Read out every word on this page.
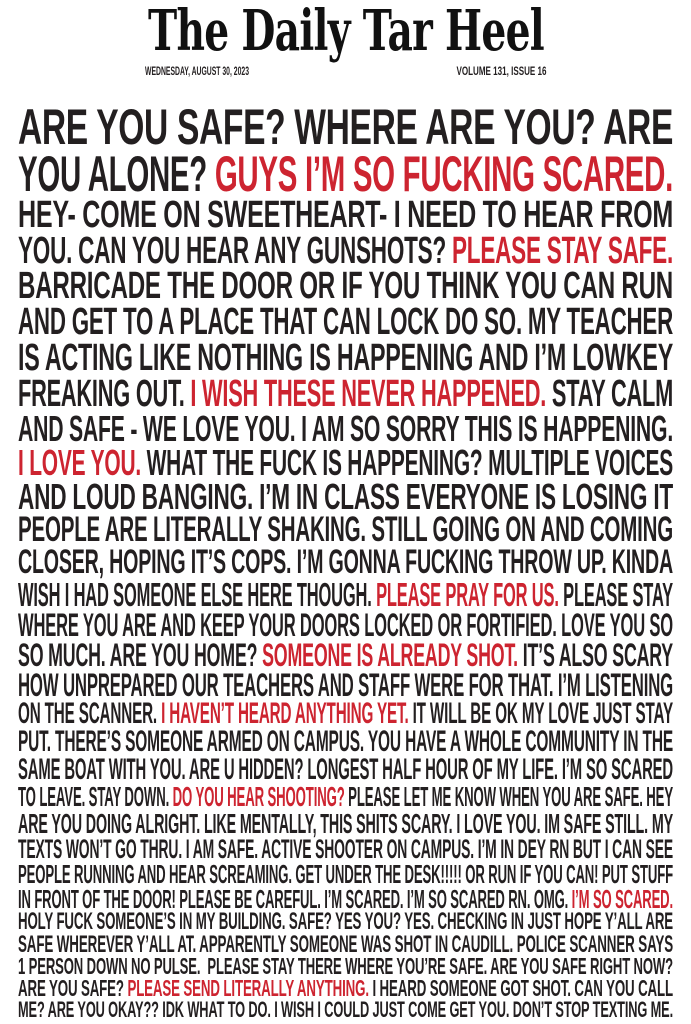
The Daily Tar Heel
WEDNESDAY, AUGUST 30, 2023	VOLUME 131, ISSUE 16
ARE YOU SAFE? WHERE ARE YOU? ARE
YOU ALONE? GUYS I’M SO FUCKING SCARED.
HEY- COME ON SWEETHEART- I NEED TO HEAR FROM
YOU. CAN YOU HEAR ANY GUNSHOTS? PLEASE STAY SAFE.
BARRICADE THE DOOR OR IF YOU THINK YOU CAN RUN
AND GET TO A PLACE THAT CAN LOCK DO SO. MY TEACHER
IS ACTING LIKE NOTHING IS HAPPENING AND I’M LOWKEY
FREAKING OUT. I WISH THESE NEVER HAPPENED. STAY CALM
AND SAFE - WE LOVE YOU. I AM SO SORRY THIS IS HAPPENING.
I LOVE YOU. WHAT THE FUCK IS HAPPENING? MULTIPLE VOICES
AND LOUD BANGING. I’M IN CLASS EVERYONE IS LOSING IT
PEOPLE ARE LITERALLY SHAKING. STILL GOING ON AND COMING
CLOSER, HOPING IT’S COPS. I’M GONNA FUCKING THROW UP. KINDA
WISH I HAD SOMEONE ELSE HERE THOUGH. PLEASE PRAY FOR US. PLEASE STAY
WHERE YOU ARE AND KEEP YOUR DOORS LOCKED OR FORTIFIED. LOVE YOU SO
SO MUCH. ARE YOU HOME? SOMEONE IS ALREADY SHOT. IT’S ALSO SCARY
HOW UNPREPARED OUR TEACHERS AND STAFF WERE FOR THAT. I’M LISTENING
ON THE SCANNER. I HAVEN’T HEARD ANYTHING YET. IT WILL BE OK MY LOVE JUST STAY
PUT. THERE’S SOMEONE ARMED ON CAMPUS. YOU HAVE A WHOLE COMMUNITY IN THE
SAME BOAT WITH YOU. ARE U HIDDEN? LONGEST HALF HOUR OF MY LIFE. I’M SO SCARED
TO LEAVE. STAY DOWN. DO YOU HEAR SHOOTING? PLEASE LET ME KNOW WHEN YOU ARE SAFE. HEY
ARE YOU DOING ALRIGHT. LIKE MENTALLY, THIS SHITS SCARY. I LOVE YOU. IM SAFE STILL. MY
TEXTS WON’T GO THRU. I AM SAFE. ACTIVE SHOOTER ON CAMPUS. I’M IN DEY RN BUT I CAN SEE
PEOPLE RUNNING AND HEAR SCREAMING. GET UNDER THE DESK!!!!! OR RUN IF YOU CAN! PUT STUFF
IN FRONT OF THE DOOR! PLEASE BE CAREFUL. I’M SCARED. I’M SO SCARED RN. OMG. I’M SO SCARED.
HOLY FUCK SOMEONE’S IN MY BUILDING. SAFE? YES YOU? YES. CHECKING IN JUST HOPE Y’ALL ARE
SAFE WHEREVER Y’ALL AT. APPARENTLY SOMEONE WAS SHOT IN CAUDILL. POLICE SCANNER SAYS
1 PERSON DOWN NO PULSE.  PLEASE STAY THERE WHERE YOU’RE SAFE. ARE YOU SAFE RIGHT NOW?
ARE YOU SAFE? PLEASE SEND LITERALLY ANYTHING. I HEARD SOMEONE GOT SHOT. CAN YOU CALL
ME? ARE YOU OKAY?? IDK WHAT TO DO. I WISH I COULD JUST COME GET YOU. DON’T STOP TEXTING ME.
